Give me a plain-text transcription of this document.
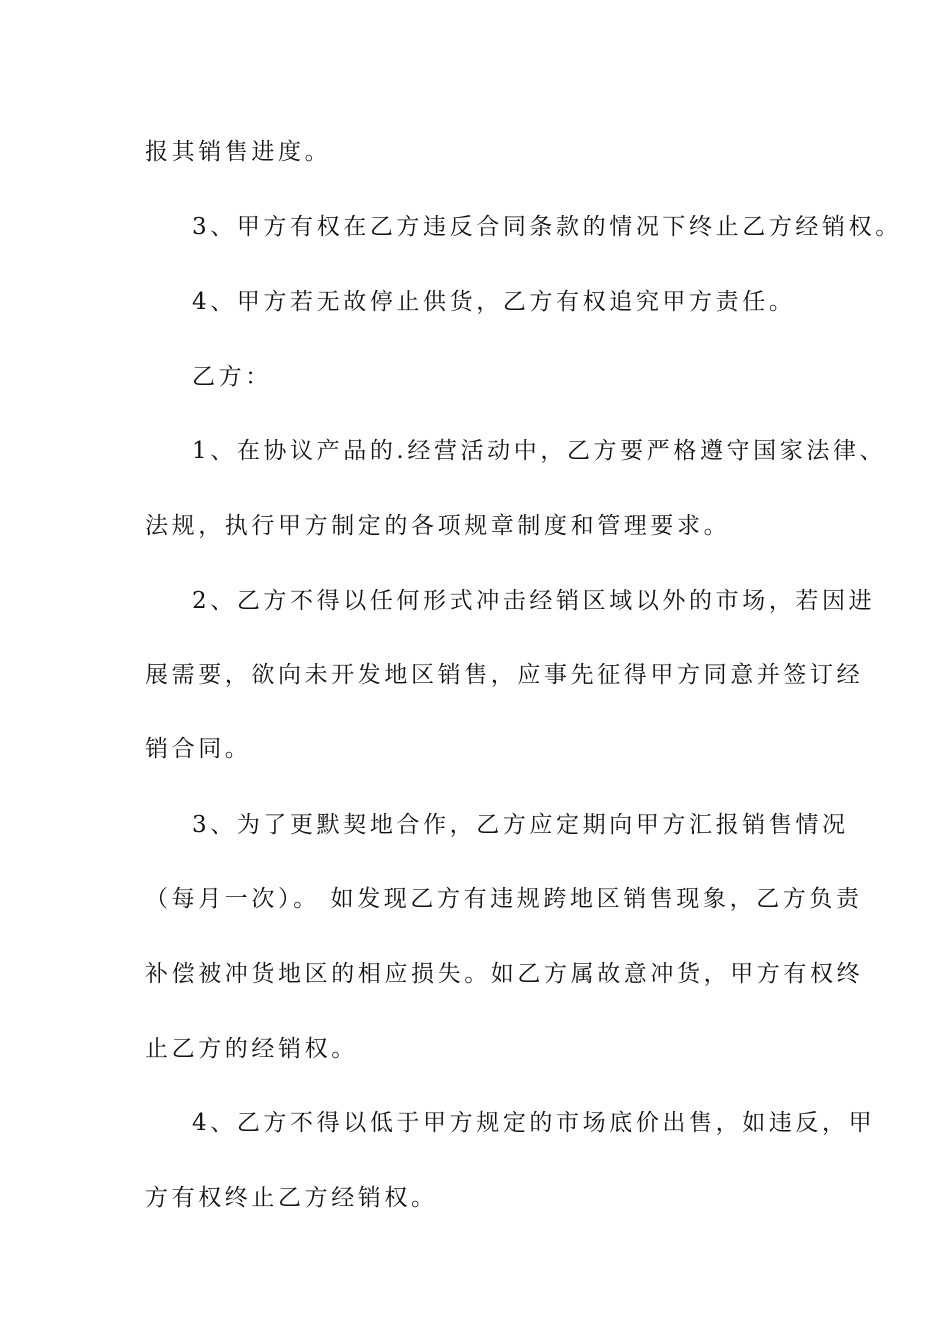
报其销售进度。
3、甲方有权在乙方违反合同条款的情况下终止乙方经销权。
4、甲方若无故停止供货，乙方有权追究甲方责任。
乙方：
1、在协议产品的.经营活动中，乙方要严格遵守国家法律、
法规，执行甲方制定的各项规章制度和管理要求。
2、乙方不得以任何形式冲击经销区域以外的市场，若因进
展需要，欲向未开发地区销售，应事先征得甲方同意并签订经
销合同。
3、为了更默契地合作，乙方应定期向甲方汇报销售情况
（每月一次）。 如发现乙方有违规跨地区销售现象，乙方负责
补偿被冲货地区的相应损失。如乙方属故意冲货，甲方有权终
止乙方的经销权。
4、乙方不得以低于甲方规定的市场底价出售，如违反，甲
方有权终止乙方经销权。
